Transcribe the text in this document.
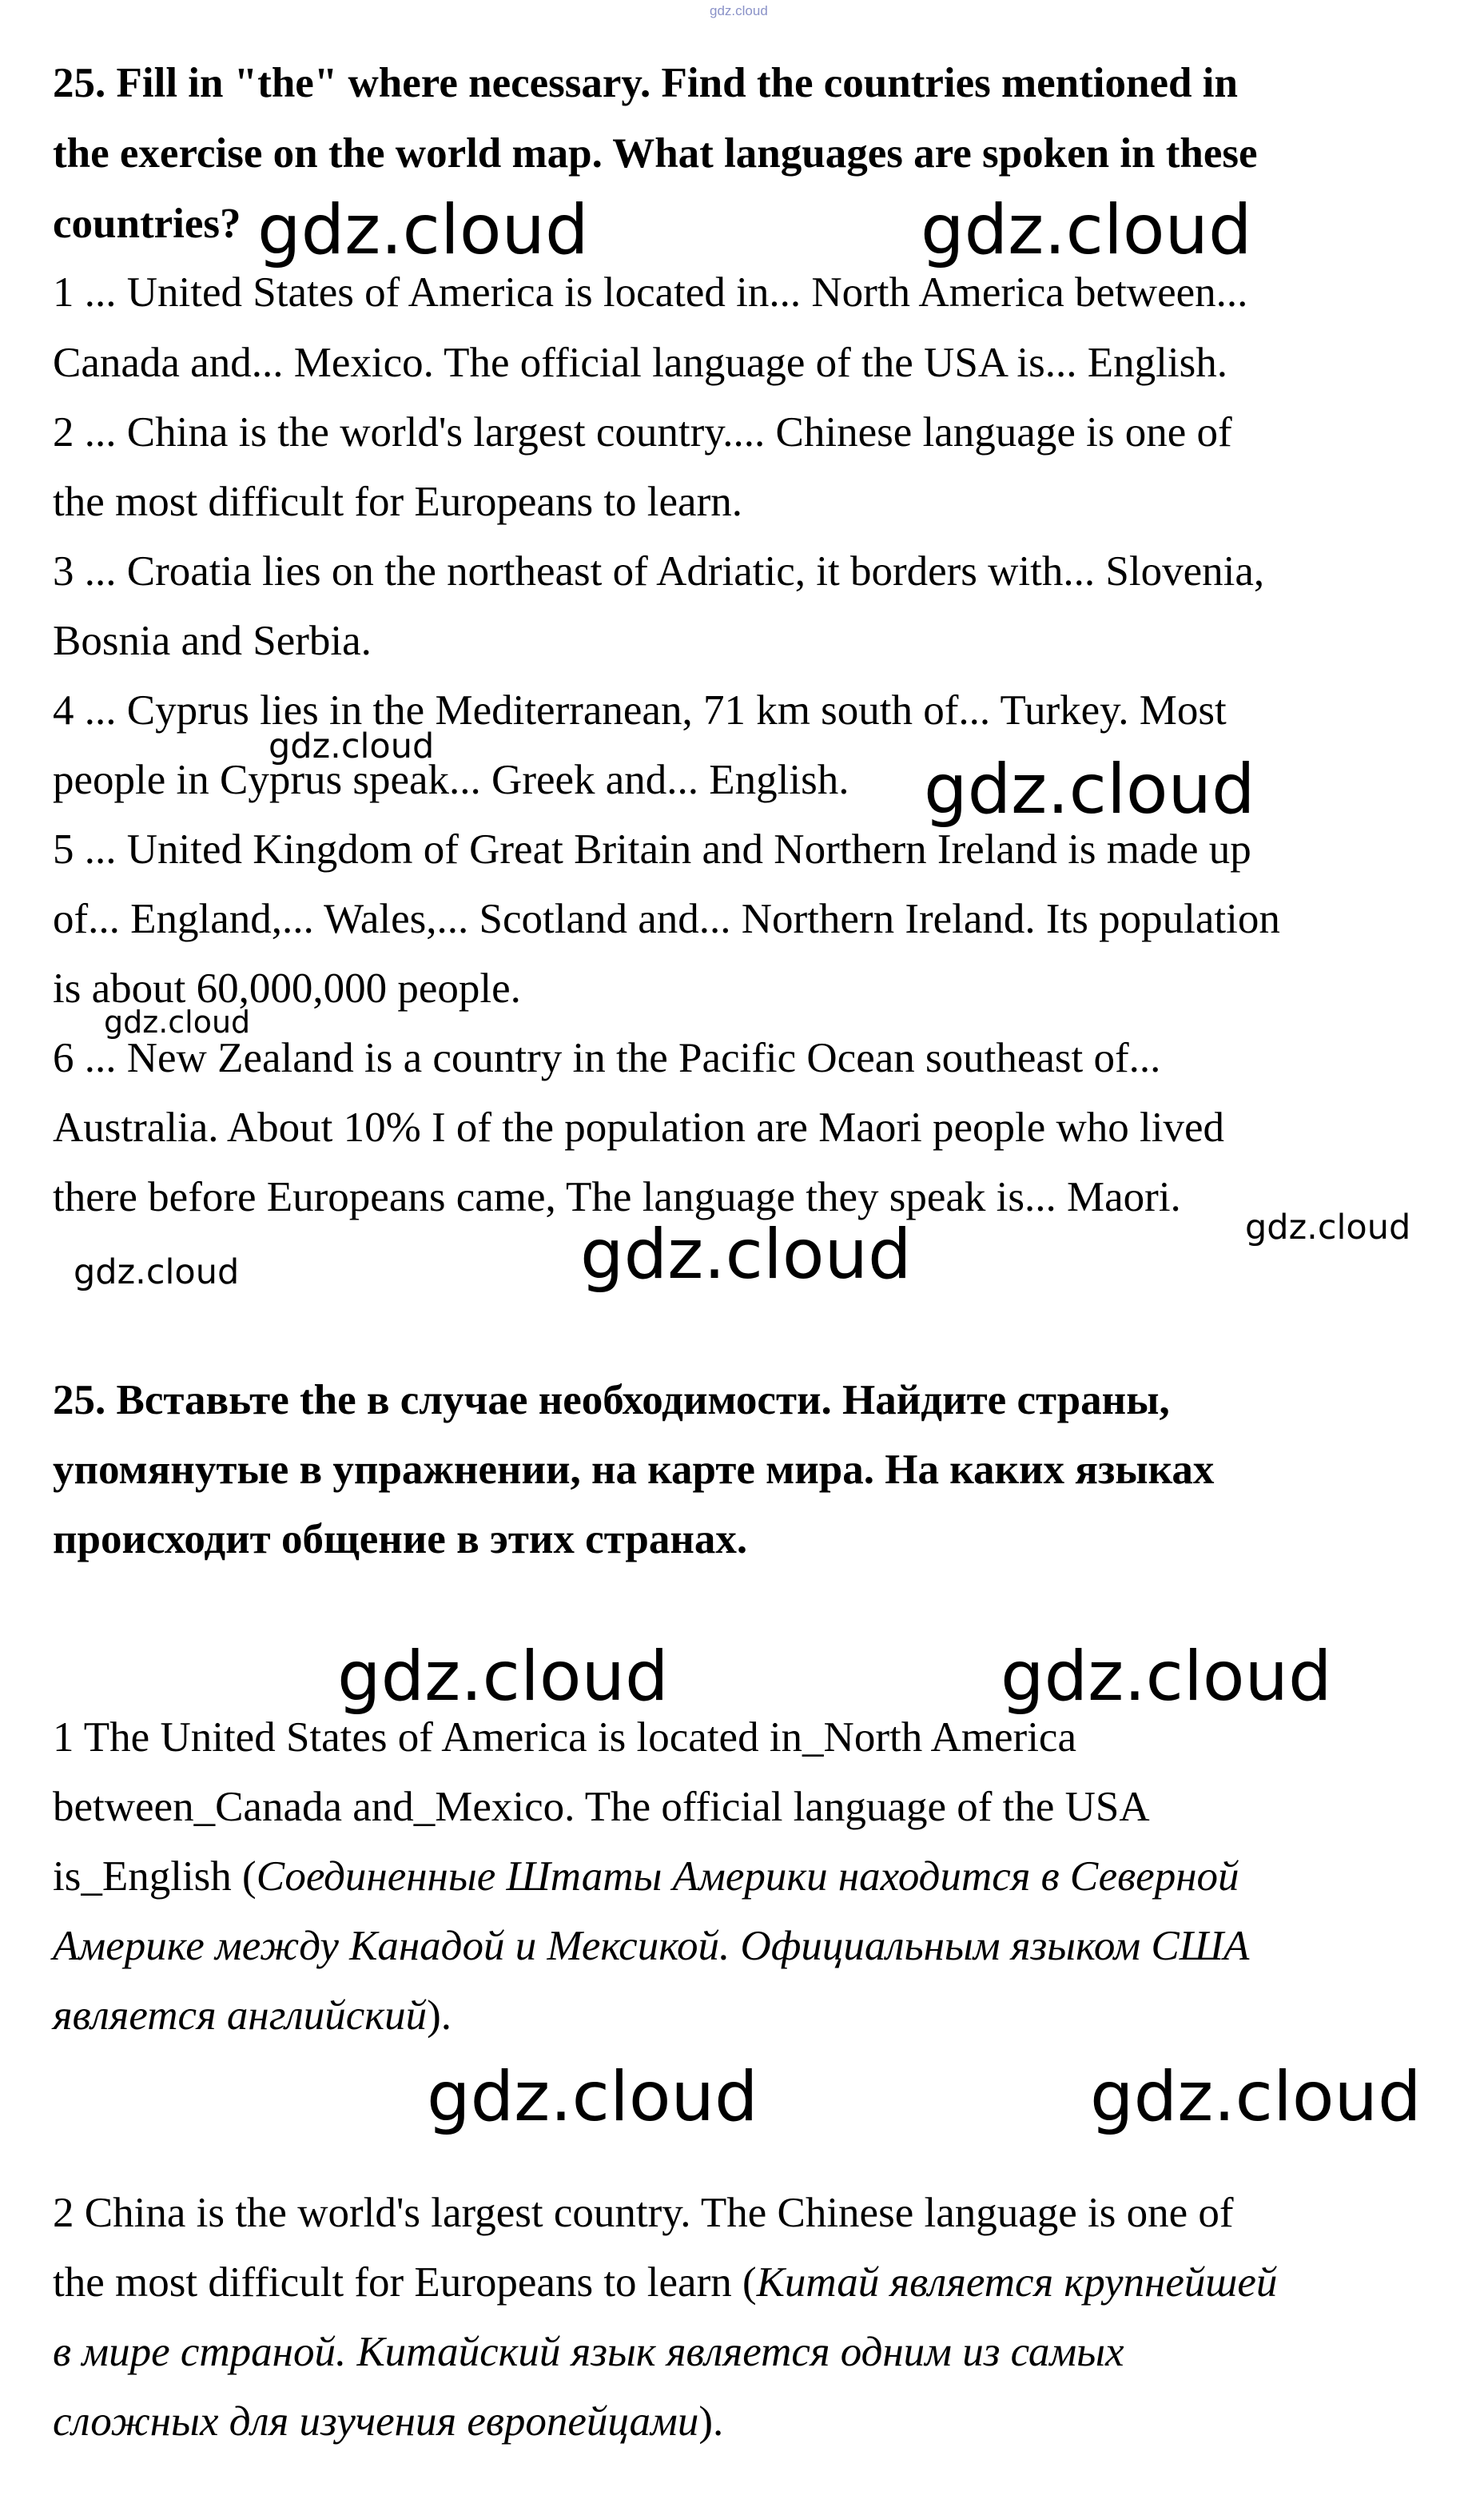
gdz.cloud
25. Fill in "the" where necessary. Find the countries mentioned in
the exercise on the world map. What languages are spoken in these
countries?
1 ... United States of America is located in... North America between...
Canada and... Mexico. The official language of the USA is... English.
2 ... China is the world's largest country.... Chinese language is one of
the most difficult for Europeans to learn.
3 ... Croatia lies on the northeast of Adriatic, it borders with... Slovenia,
Bosnia and Serbia.
4 ... Cyprus lies in the Mediterranean, 71 km south of... Turkey. Most
people in Cyprus speak... Greek and... English.
5 ... United Kingdom of Great Britain and Northern Ireland is made up
of... England,... Wales,... Scotland and... Northern Ireland. Its population
is about 60,000,000 people.
6 ... New Zealand is a country in the Pacific Ocean southeast of...
Australia. About 10% I of the population are Maori people who lived
there before Europeans came, The language they speak is... Maori.
25. Вставьте the в случае необходимости. Найдите страны,
упомянутые в упражнении, на карте мира. На каких языках
происходит общение в этих странах.
1 The United States of America is located in_North America
between_Canada and_Mexico. The official language of the USA
is_English (Соединенные Штаты Америки находится в Северной
Америке между Канадой и Мексикой. Официальным языком США
является английский).
2 China is the world's largest country. The Chinese language is one of
the most difficult for Europeans to learn (Китай является крупнейшей
в мире страной. Китайский язык является одним из самых
сложных для изучения европейцами).
gdz.cloud	gdz.cloud
gdz.cloud
gdz.cloud
gdz.cloud
gdz.cloud	gdz.cloud
gdz.cloud
gdz.cloud	gdz.cloud
gdz.cloud	gdz.cloud
